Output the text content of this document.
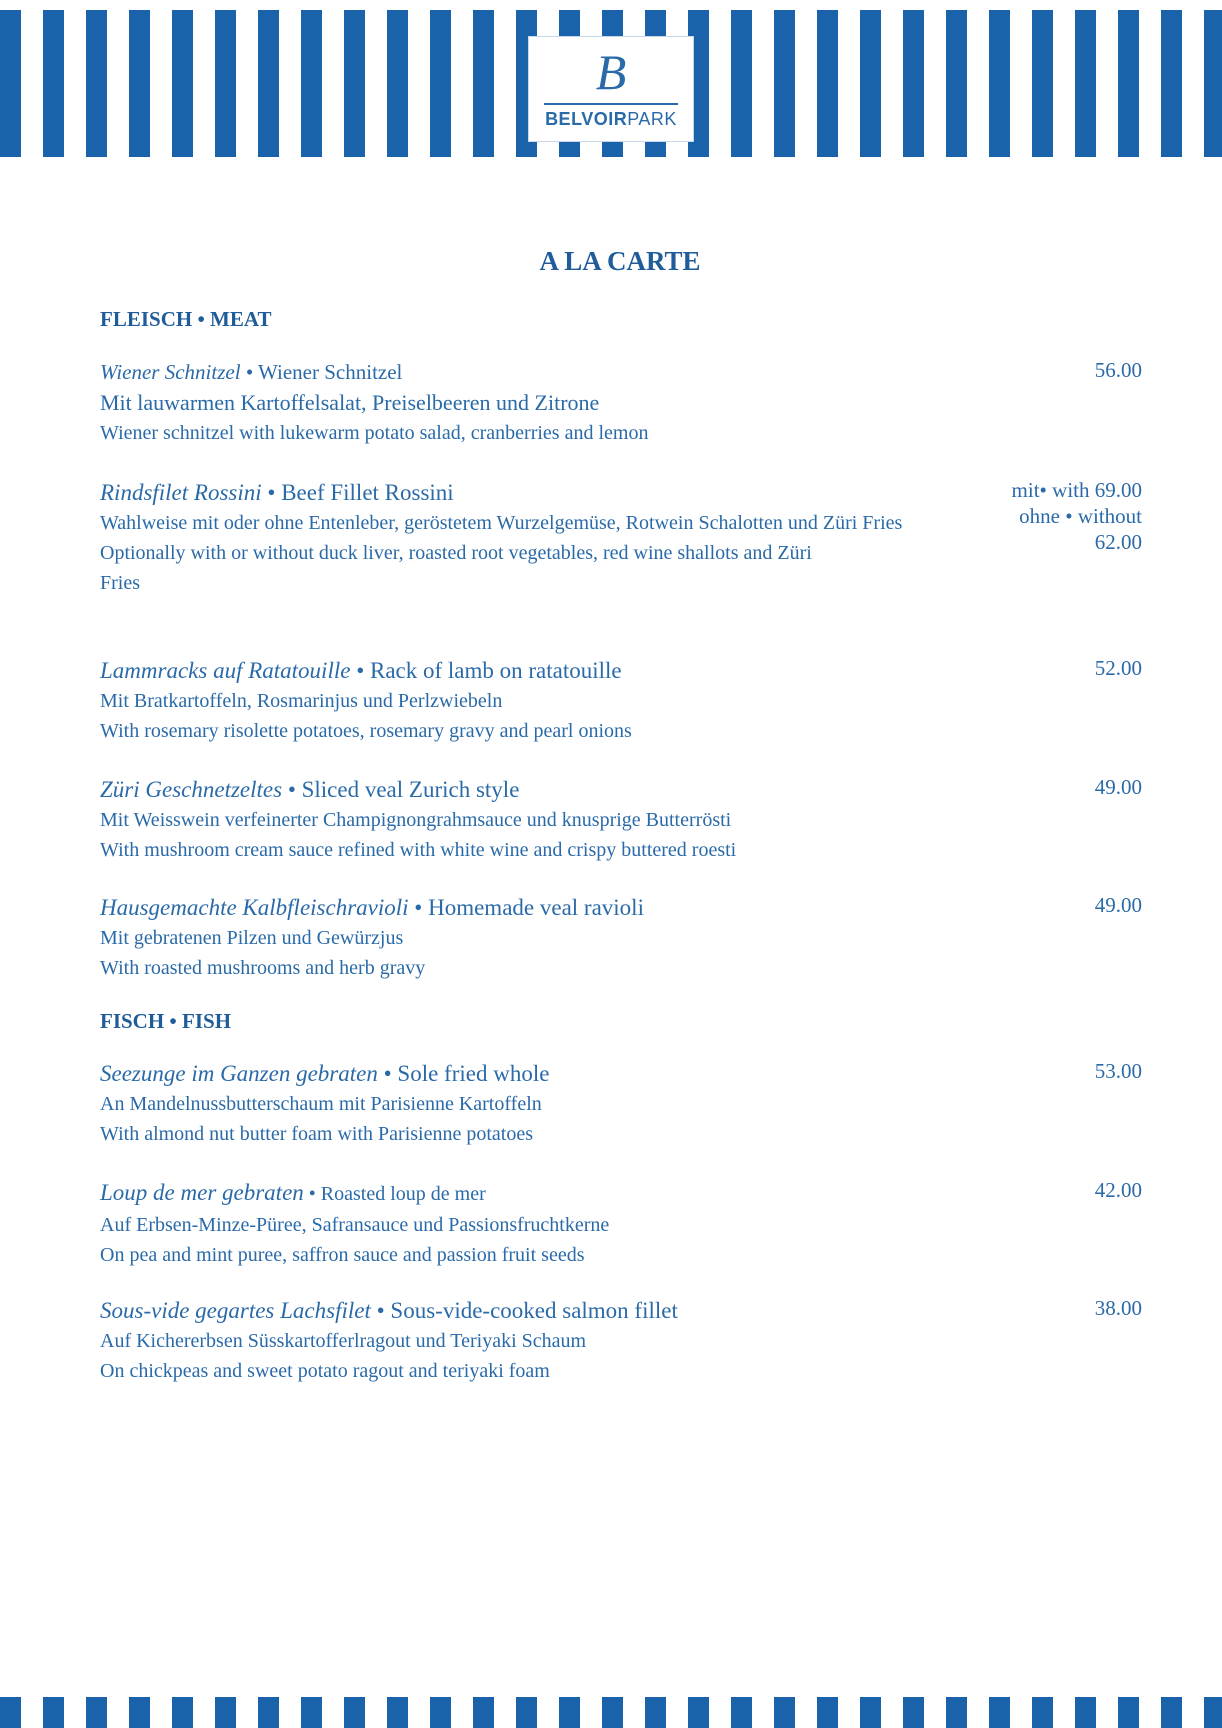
B
BELVOIRPARK
A LA CARTE
FLEISCH • MEAT
Wiener Schnitzel • Wiener Schnitzel
Mit lauwarmen Kartoffelsalat, Preiselbeeren und Zitrone
Wiener schnitzel with lukewarm potato salad, cranberries and lemon
56.00
Rindsfilet Rossini • Beef Fillet Rossini
Wahlweise mit oder ohne Entenleber, geröstetem Wurzelgemüse, Rotwein Schalotten und Züri Fries
Optionally with or without duck liver, roasted root vegetables, red wine shallots and Züri Fries
mit• with 69.00
ohne • without
62.00
Lammracks auf Ratatouille • Rack of lamb on ratatouille
Mit Bratkartoffeln, Rosmarinjus und Perlzwiebeln
With rosemary risolette potatoes, rosemary gravy and pearl onions
52.00
Züri Geschnetzeltes • Sliced veal Zurich style
Mit Weisswein verfeinerter Champignongrahmsauce und knusprige Butterrösti
With mushroom cream sauce refined with white wine and crispy buttered roesti
49.00
Hausgemachte Kalbfleischravioli • Homemade veal ravioli
Mit gebratenen Pilzen und Gewürzjus
With roasted mushrooms and herb gravy
49.00
FISCH • FISH
Seezunge im Ganzen gebraten • Sole fried whole
An Mandelnussbutterschaum mit Parisienne Kartoffeln
With almond nut butter foam with Parisienne potatoes
53.00
Loup de mer gebraten • Roasted loup de mer
Auf Erbsen-Minze-Püree, Safransauce und Passionsfruchtkerne
On pea and mint puree, saffron sauce and passion fruit seeds
42.00
Sous-vide gegartes Lachsfilet • Sous-vide-cooked salmon fillet
Auf Kichererbsen Süsskartofferlragout und Teriyaki Schaum
On chickpeas and sweet potato ragout and teriyaki foam
38.00
